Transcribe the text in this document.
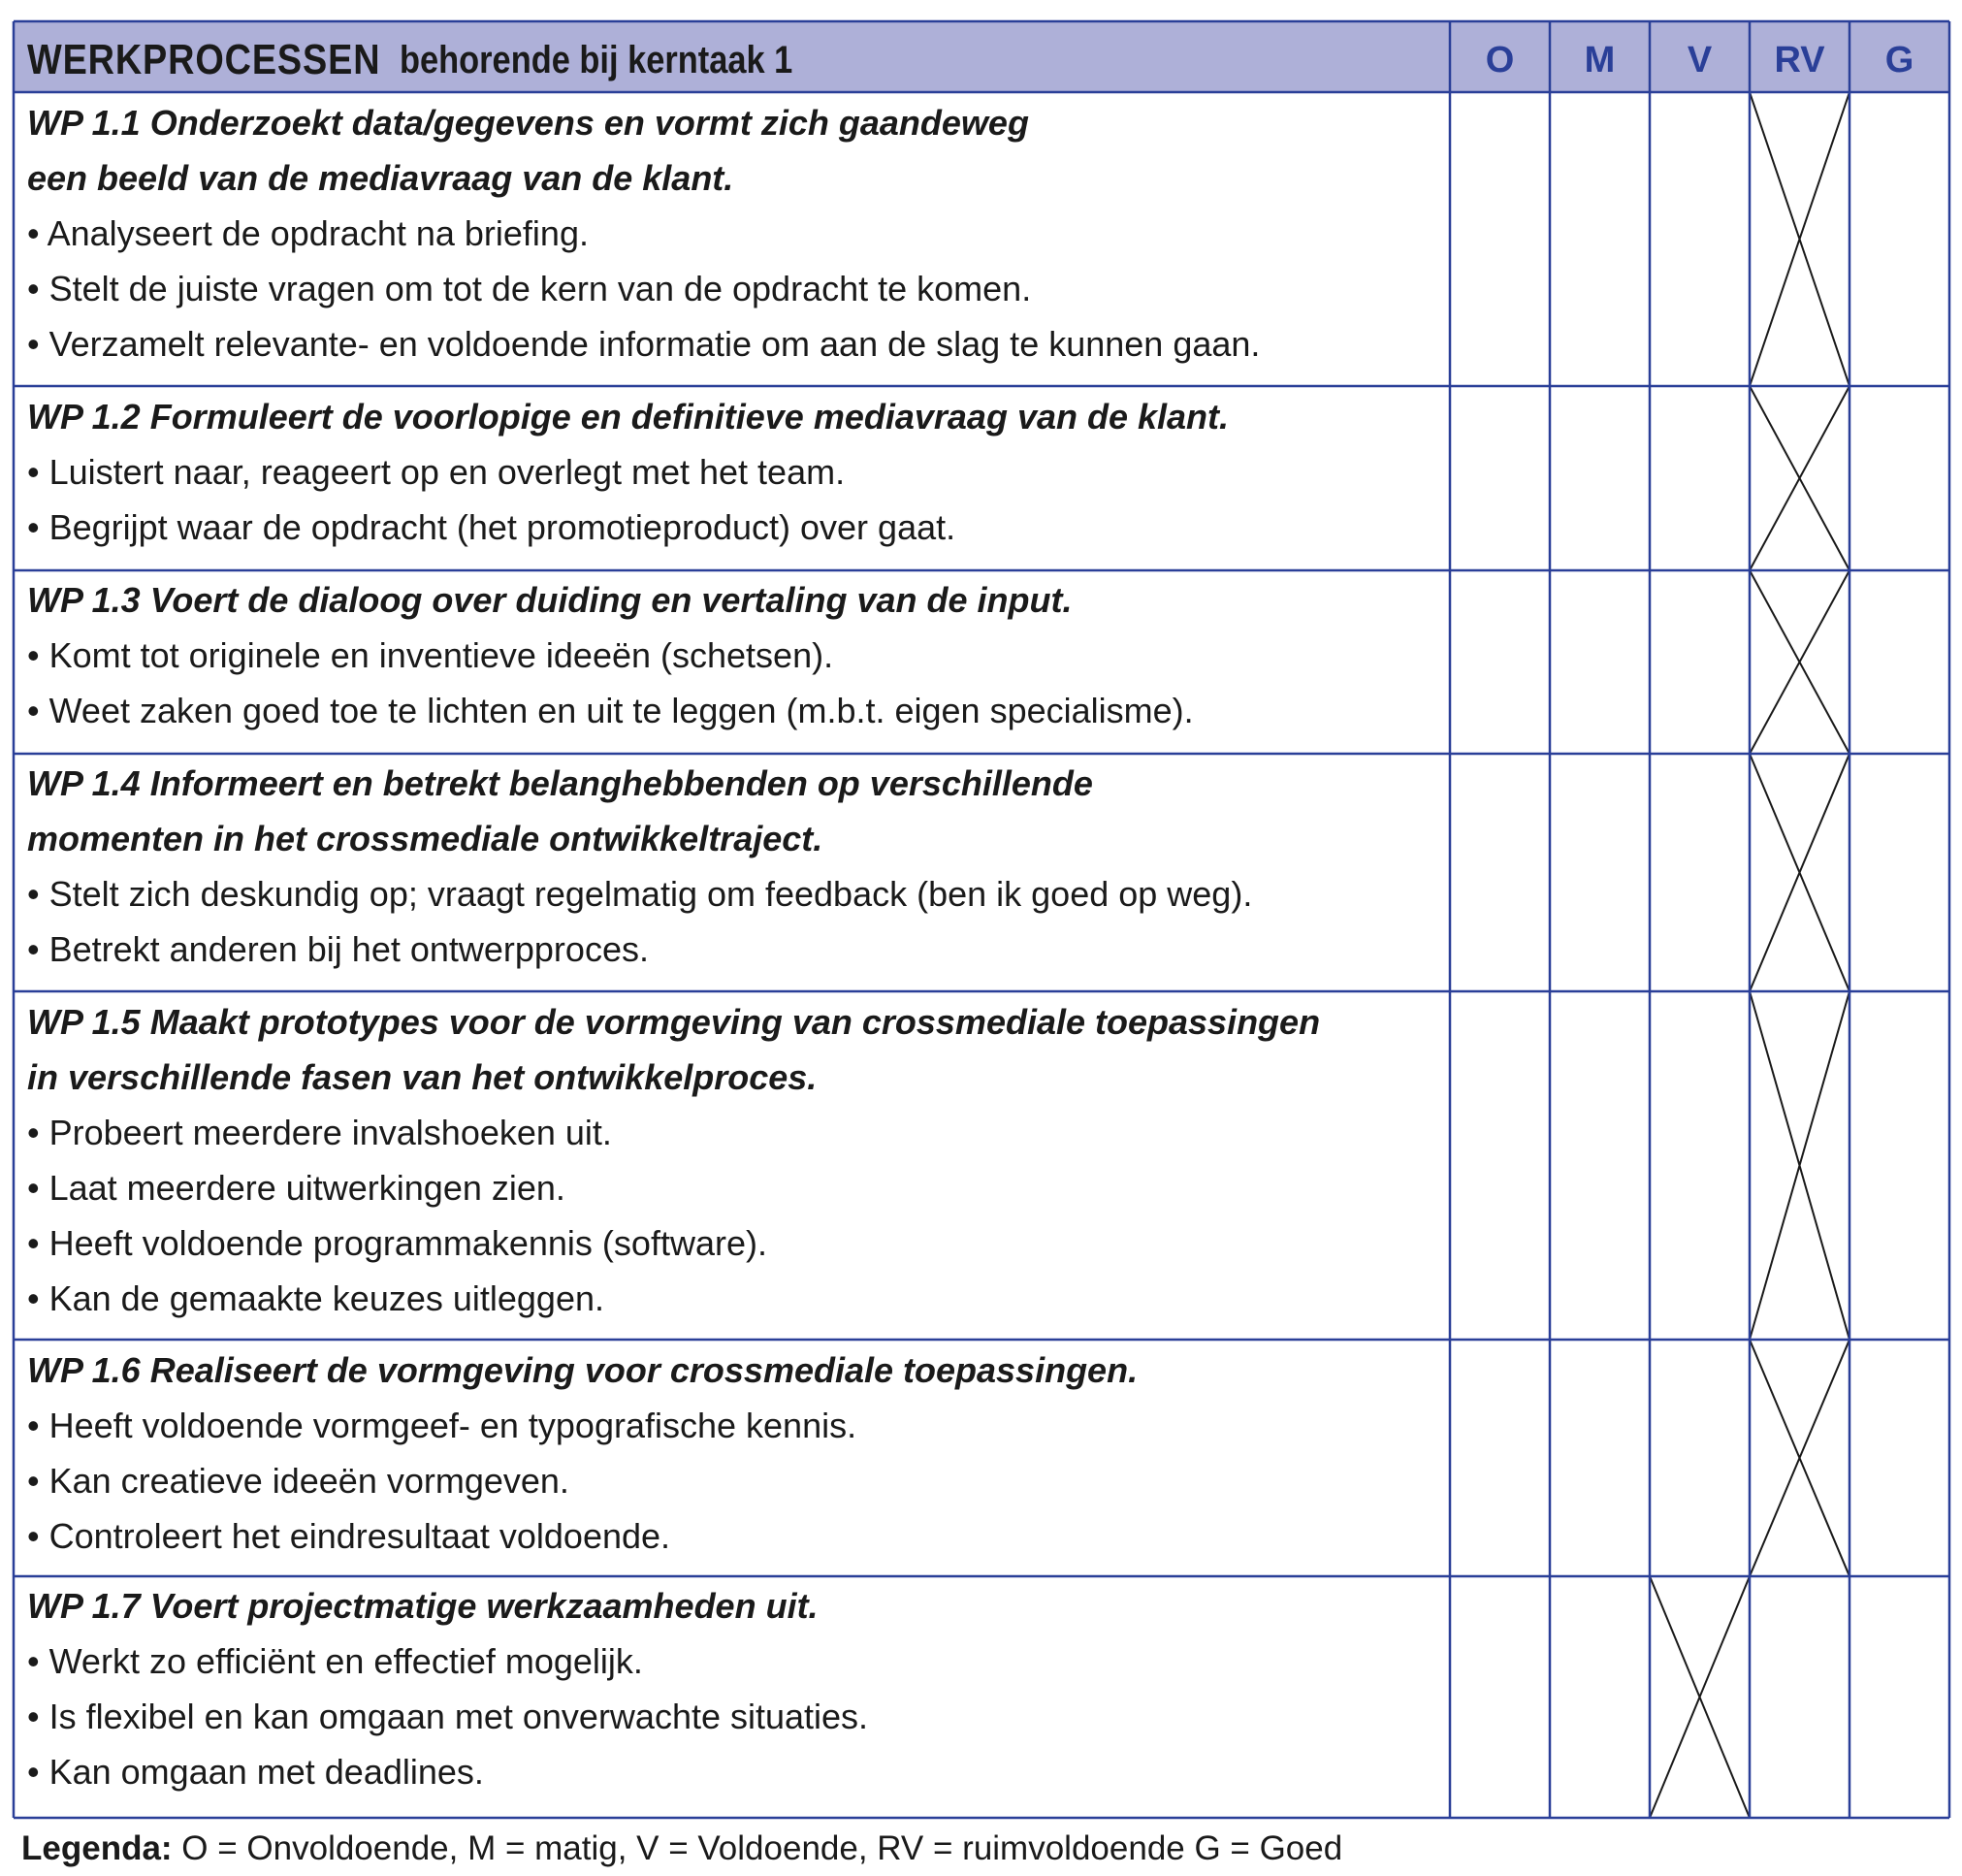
WERKPROCESSEN behorende bij kerntaak 1	O	M	V	RV	G
WP 1.1 Onderzoekt data/gegevens en vormt zich gaandeweg
een beeld van de mediavraag van de klant.
• Analyseert de opdracht na briefing.
• Stelt de juiste vragen om tot de kern van de opdracht te komen.
• Verzamelt relevante- en voldoende informatie om aan de slag te kunnen gaan.
WP 1.2 Formuleert de voorlopige en definitieve mediavraag van de klant.
• Luistert naar, reageert op en overlegt met het team.
• Begrijpt waar de opdracht (het promotieproduct) over gaat.
WP 1.3 Voert de dialoog over duiding en vertaling van de input.
• Komt tot originele en inventieve ideeën (schetsen).
• Weet zaken goed toe te lichten en uit te leggen (m.b.t. eigen specialisme).
WP 1.4 Informeert en betrekt belanghebbenden op verschillende
momenten in het crossmediale ontwikkeltraject.
• Stelt zich deskundig op; vraagt regelmatig om feedback (ben ik goed op weg).
• Betrekt anderen bij het ontwerpproces.
WP 1.5 Maakt prototypes voor de vormgeving van crossmediale toepassingen
in verschillende fasen van het ontwikkelproces.
• Probeert meerdere invalshoeken uit.
• Laat meerdere uitwerkingen zien.
• Heeft voldoende programmakennis (software).
• Kan de gemaakte keuzes uitleggen.
WP 1.6 Realiseert de vormgeving voor crossmediale toepassingen.
• Heeft voldoende vormgeef- en typografische kennis.
• Kan creatieve ideeën vormgeven.
• Controleert het eindresultaat voldoende.
WP 1.7 Voert projectmatige werkzaamheden uit.
• Werkt zo efficiënt en effectief mogelijk.
• Is flexibel en kan omgaan met onverwachte situaties.
• Kan omgaan met deadlines.
Legenda: O = Onvoldoende, M = matig, V = Voldoende, RV = ruimvoldoende G = Goed
